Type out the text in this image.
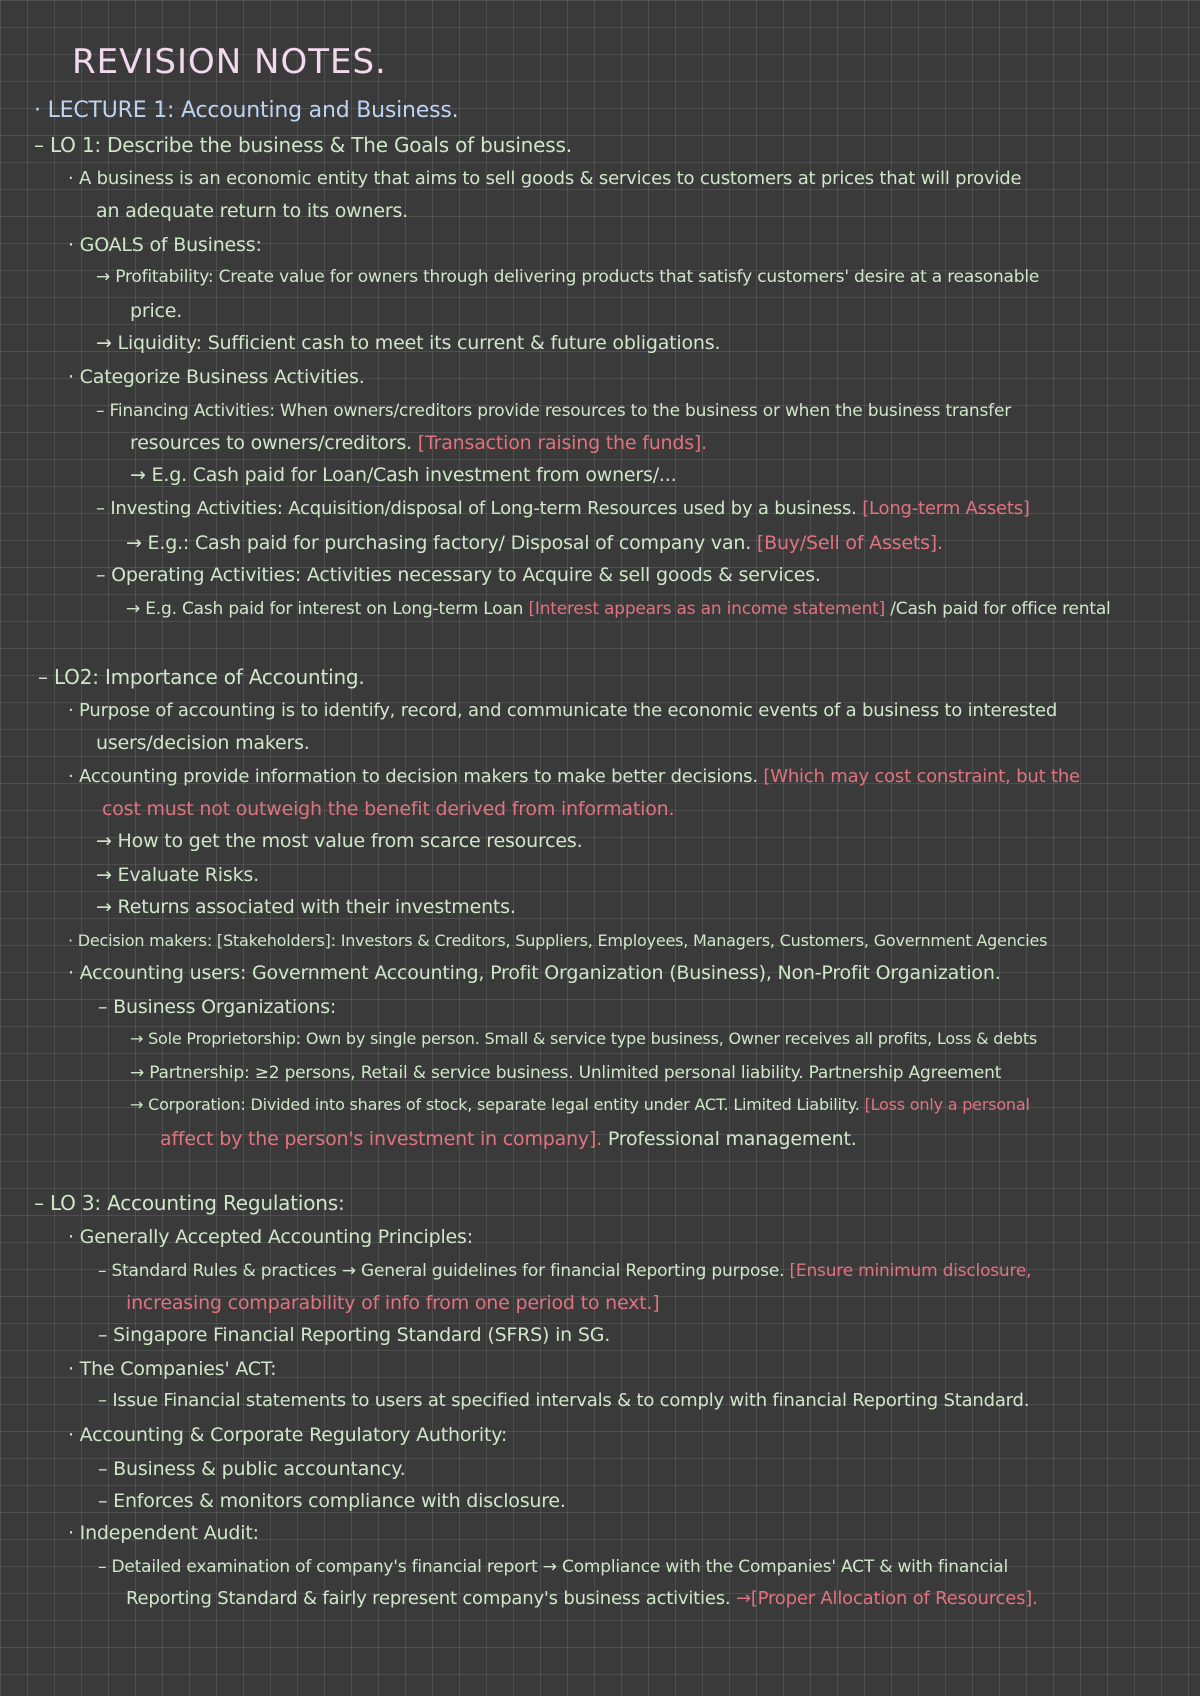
REVISION NOTES.
· LECTURE 1: Accounting and Business.
– LO 1: Describe the business & The Goals of business.
· A business is an economic entity that aims to sell goods & services to customers at prices that will provide
an adequate return to its owners.
· GOALS of Business:
→ Profitability: Create value for owners through delivering products that satisfy customers' desire at a reasonable
price.
→ Liquidity: Sufficient cash to meet its current & future obligations.
· Categorize Business Activities.
– Financing Activities: When owners/creditors provide resources to the business or when the business transfer
resources to owners/creditors. [Transaction raising the funds].
→ E.g. Cash paid for Loan/Cash investment from owners/...
– Investing Activities: Acquisition/disposal of Long-term Resources used by a business. [Long-term Assets]
→ E.g.: Cash paid for purchasing factory/ Disposal of company van. [Buy/Sell of Assets].
– Operating Activities: Activities necessary to Acquire & sell goods & services.
→ E.g. Cash paid for interest on Long-term Loan [Interest appears as an income statement] /Cash paid for office rental
– LO2: Importance of Accounting.
· Purpose of accounting is to identify, record, and communicate the economic events of a business to interested
users/decision makers.
· Accounting provide information to decision makers to make better decisions. [Which may cost constraint, but the
cost must not outweigh the benefit derived from information.
→ How to get the most value from scarce resources.
→ Evaluate Risks.
→ Returns associated with their investments.
· Decision makers: [Stakeholders]: Investors & Creditors, Suppliers, Employees, Managers, Customers, Government Agencies
· Accounting users: Government Accounting, Profit Organization (Business), Non-Profit Organization.
– Business Organizations:
→ Sole Proprietorship: Own by single person. Small & service type business, Owner receives all profits, Loss & debts
→ Partnership: ≥2 persons, Retail & service business. Unlimited personal liability. Partnership Agreement
→ Corporation: Divided into shares of stock, separate legal entity under ACT. Limited Liability. [Loss only a personal
affect by the person's investment in company]. Professional management.
– LO 3: Accounting Regulations:
· Generally Accepted Accounting Principles:
– Standard Rules & practices → General guidelines for financial Reporting purpose. [Ensure minimum disclosure,
increasing comparability of info from one period to next.]
– Singapore Financial Reporting Standard (SFRS) in SG.
· The Companies' ACT:
– Issue Financial statements to users at specified intervals & to comply with financial Reporting Standard.
· Accounting & Corporate Regulatory Authority:
– Business & public accountancy.
– Enforces & monitors compliance with disclosure.
· Independent Audit:
– Detailed examination of company's financial report → Compliance with the Companies' ACT & with financial
Reporting Standard & fairly represent company's business activities. →[Proper Allocation of Resources].
